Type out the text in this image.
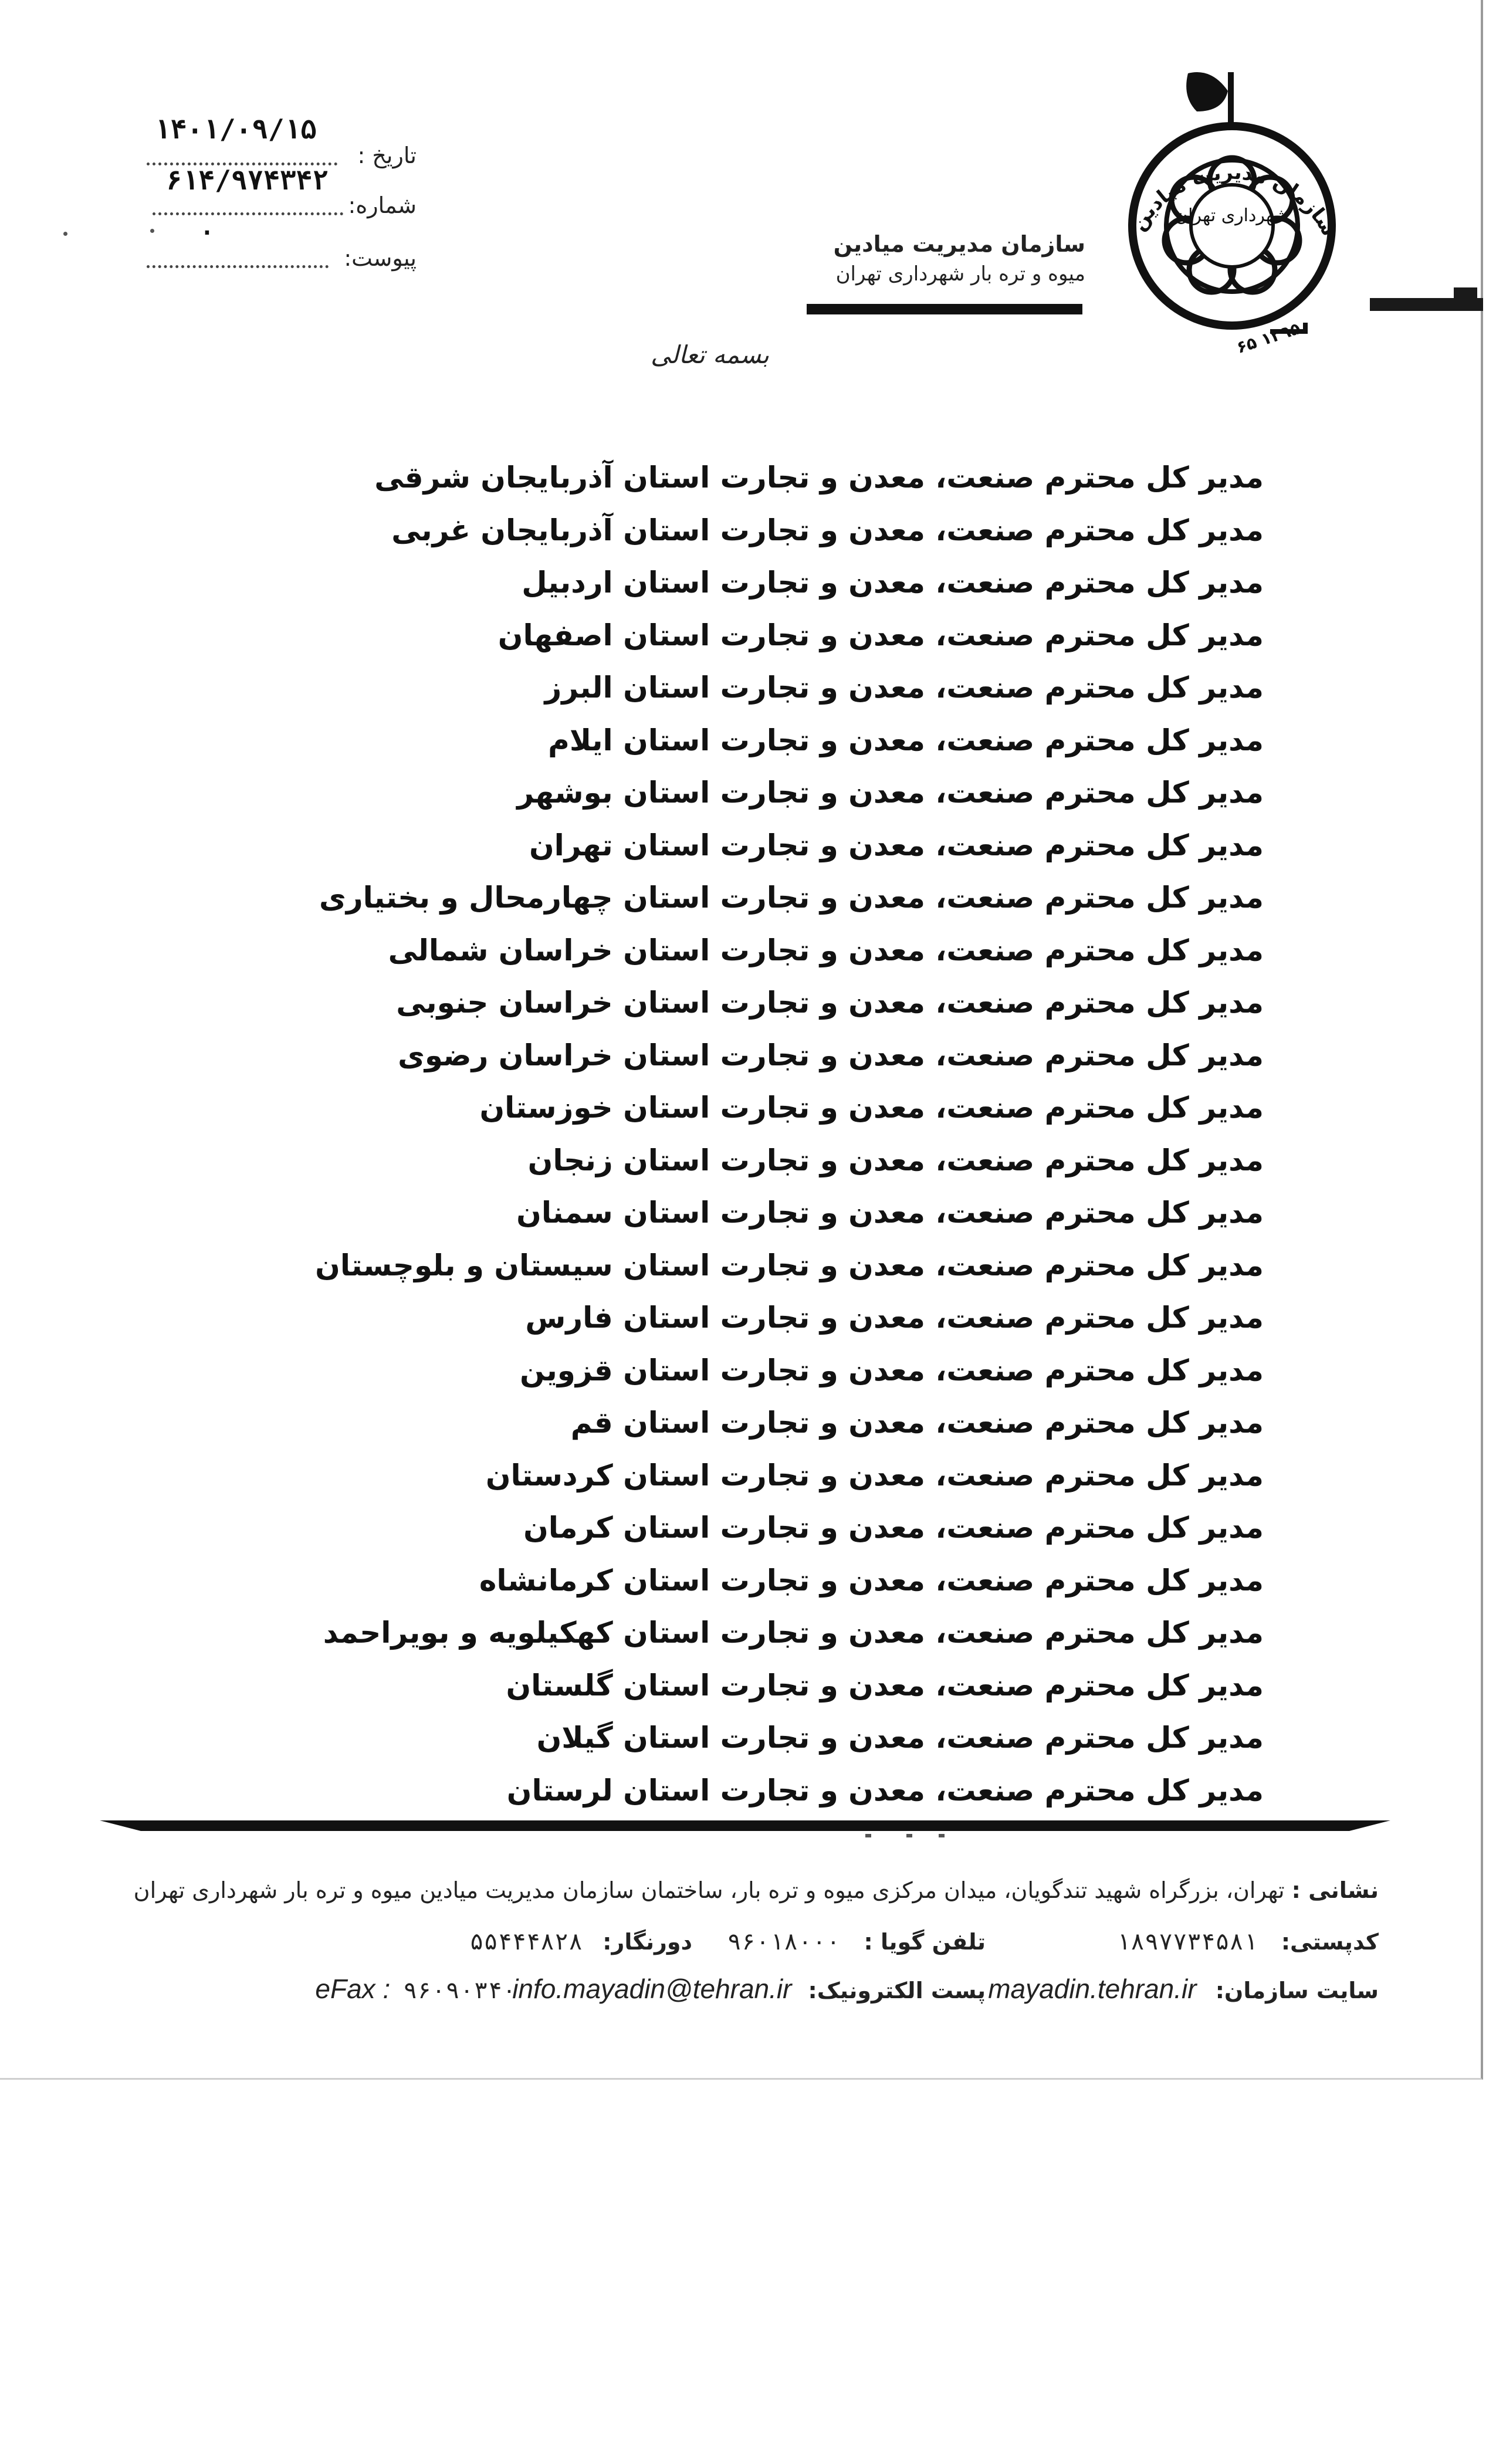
تاریخ :
۱۴۰۱/۰۹/۱۵
شماره:
۶۱۴/۹۷۴۳۴۲
پیوست:
.	شهرداری تهران
سازمان مدیریت میادین
۶۵ ۱۳۹۵
سازمان مدیریت میادین
میوه و تره بار شهرداری تهران
بسمه تعالی
مدیر کل محترم صنعت، معدن و تجارت استان آذربایجان شرقی
مدیر کل محترم صنعت، معدن و تجارت استان آذربایجان غربی
مدیر کل محترم صنعت، معدن و تجارت استان اردبیل
مدیر کل محترم صنعت، معدن و تجارت استان اصفهان
مدیر کل محترم صنعت، معدن و تجارت استان البرز
مدیر کل محترم صنعت، معدن و تجارت استان ایلام
مدیر کل محترم صنعت، معدن و تجارت استان بوشهر
مدیر کل محترم صنعت، معدن و تجارت استان تهران
مدیر کل محترم صنعت، معدن و تجارت استان چهارمحال و بختیاری
مدیر کل محترم صنعت، معدن و تجارت استان خراسان شمالی
مدیر کل محترم صنعت، معدن و تجارت استان خراسان جنوبی
مدیر کل محترم صنعت، معدن و تجارت استان خراسان رضوی
مدیر کل محترم صنعت، معدن و تجارت استان خوزستان
مدیر کل محترم صنعت، معدن و تجارت استان زنجان
مدیر کل محترم صنعت، معدن و تجارت استان سمنان
مدیر کل محترم صنعت، معدن و تجارت استان سیستان و بلوچستان
مدیر کل محترم صنعت، معدن و تجارت استان فارس
مدیر کل محترم صنعت، معدن و تجارت استان قزوین
مدیر کل محترم صنعت، معدن و تجارت استان قم
مدیر کل محترم صنعت، معدن و تجارت استان کردستان
مدیر کل محترم صنعت، معدن و تجارت استان کرمان
مدیر کل محترم صنعت، معدن و تجارت استان کرمانشاه
مدیر کل محترم صنعت، معدن و تجارت استان کهکیلویه و بویراحمد
مدیر کل محترم صنعت، معدن و تجارت استان گلستان
مدیر کل محترم صنعت، معدن و تجارت استان گیلان
مدیر کل محترم صنعت، معدن و تجارت استان لرستان
نشانی : تهران، بزرگراه شهید تندگویان، میدان مرکزی میوه و تره بار، ساختمان سازمان مدیریت میادین میوه و تره بار شهرداری تهران
کدپستی: ۱۸۹۷۷۳۴۵۸۱
تلفن گویا : ۹۶۰۱۸۰۰۰
دورنگار: ۵۵۴۴۴۸۲۸
سایت سازمان: mayadin.tehran.ir
پست الکترونیک: info.mayadin@tehran.ir
eFax : ۹۶۰۹۰۳۴۰
